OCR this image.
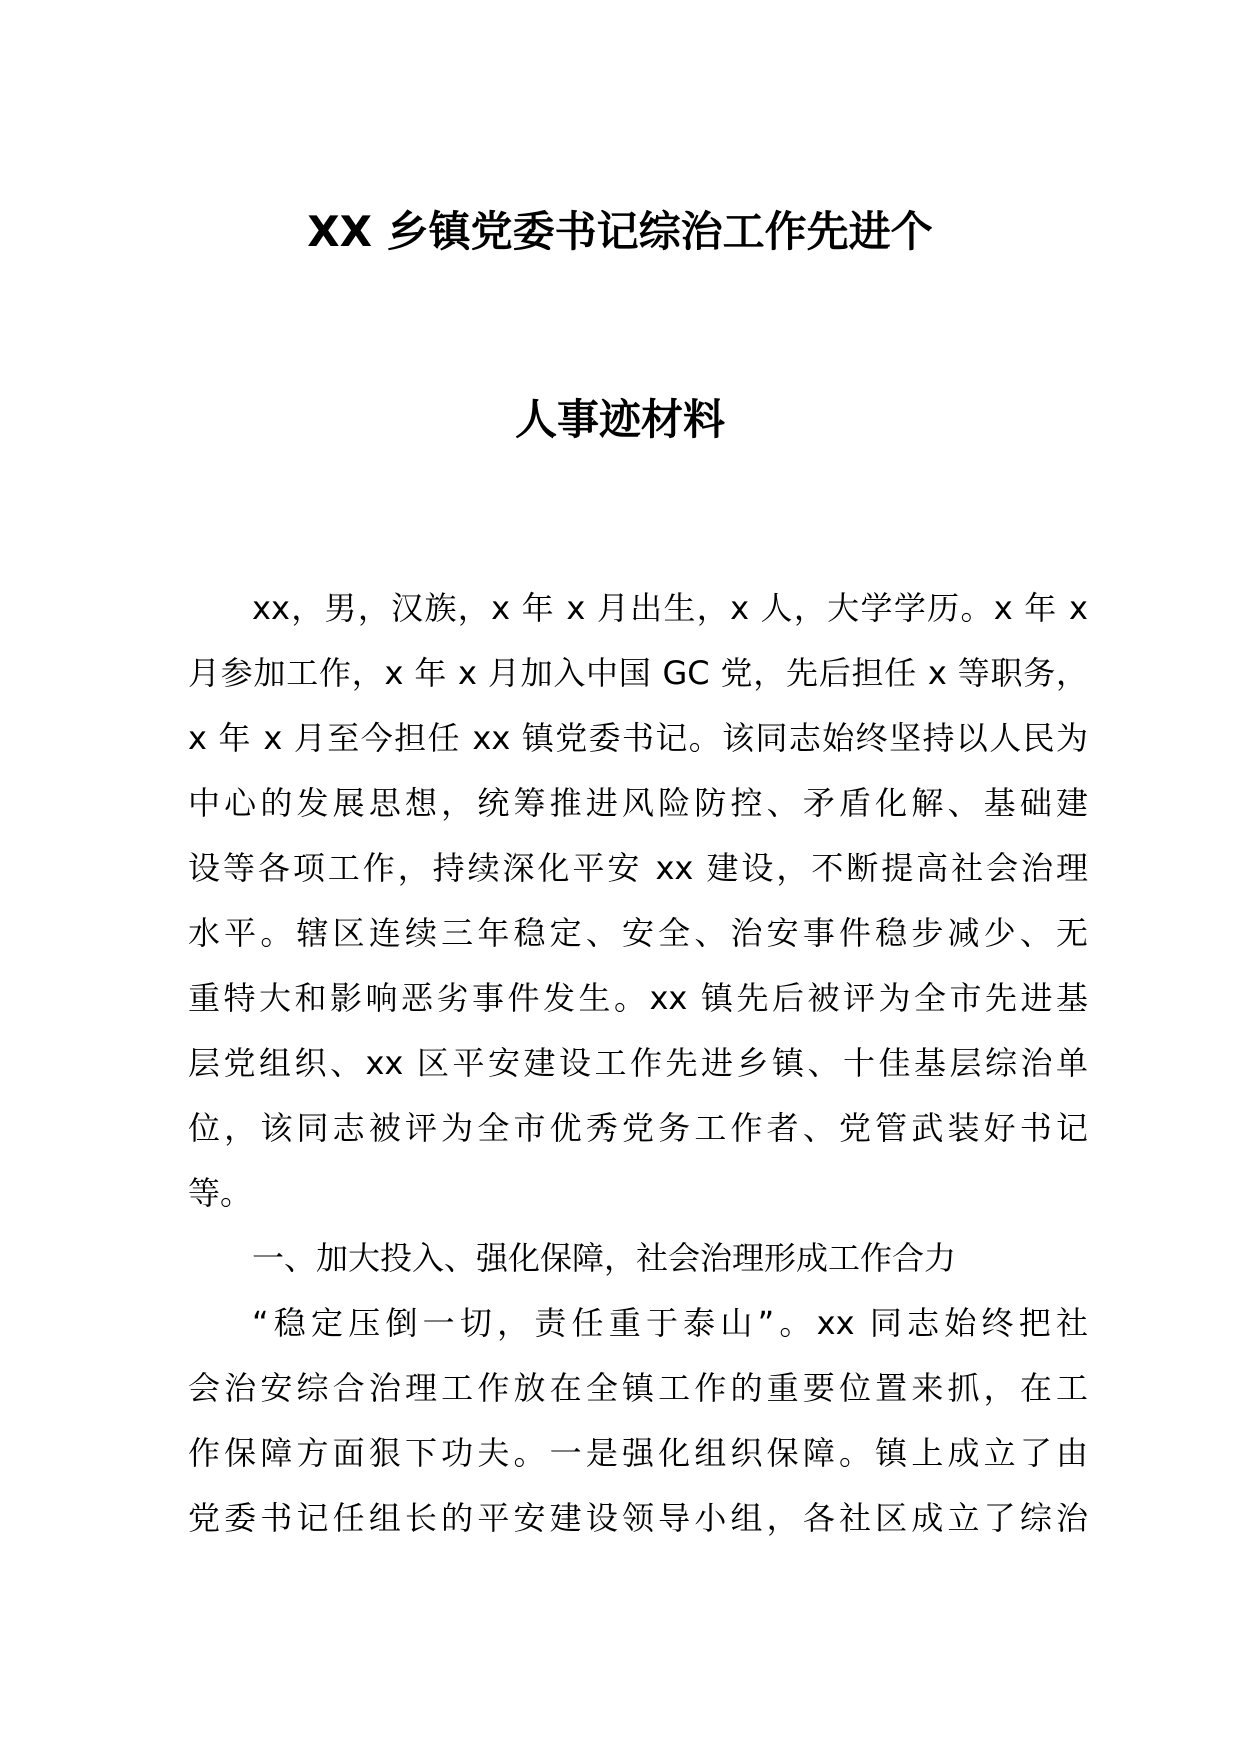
XX 乡镇党委书记综治工作先进个
人事迹材料
xx，男，汉族，x 年 x 月出生，x 人，大学学历。x 年 x
月参加工作，x 年 x 月加入中国 GC 党，先后担任 x 等职务，
x 年 x 月至今担任 xx 镇党委书记。该同志始终坚持以人民为
中心的发展思想，统筹推进风险防控、矛盾化解、基础建
设等各项工作，持续深化平安 xx 建设，不断提高社会治理
水平。辖区连续三年稳定、安全、治安事件稳步减少、无
重特大和影响恶劣事件发生。xx 镇先后被评为全市先进基
层党组织、xx 区平安建设工作先进乡镇、十佳基层综治单
位，该同志被评为全市优秀党务工作者、党管武装好书记
等。
一、加大投入、强化保障，社会治理形成工作合力
“稳定压倒一切，责任重于泰山”。xx 同志始终把社
会治安综合治理工作放在全镇工作的重要位置来抓，在工
作保障方面狠下功夫。一是强化组织保障。镇上成立了由
党委书记任组长的平安建设领导小组，各社区成立了综治
